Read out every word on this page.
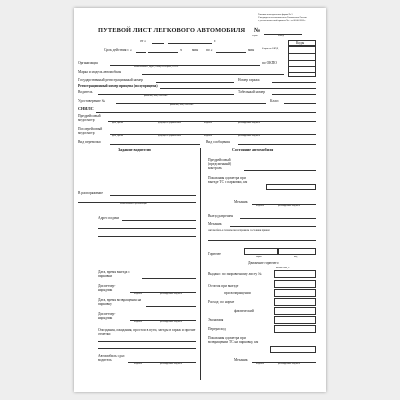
Типовая межотраслевая форма № 3
Утверждена постановлением Госкомстата России
с учетом изменений приказа №... от 00.00.2020 г.
ПУТЕВОЙ ЛИСТ ЛЕГКОВОГО АВТОМОБИЛЯ №
серия	номер
от «	г.	Коды
Форма по ОКУД
Срок действия с «	ч	мин по «	мин
Организация
наименование, адрес, номер телефона, ОГРН
по ОКПО
Марка и модель автомобиля
Государственный регистрационный номер	Номер гаража
Регистрационный номер прицепа (полуприцепа)
Водитель	Табельный номер
фамилия, имя, отчество
Удостоверение №	Класс
фамилия, имя, отчество
СНИЛС
Предрейсовый медосмотр
дата, время	допущен к управлению	подпись	расшифровка подписи
Послерейсовый медосмотр
дата, время	допущен к управлению	подпись	расшифровка подписи
Вид перевозки	Вид сообщения
Задание водителю
В распоряжение
наименование организации
Адрес подачи
Дата, время выезда с парковки
Диспетчер-нарядчик
подпись	расшифровка подписи
Дата, время возвращения на парковку
Диспетчер-нарядчик
подпись	расшифровка подписи
Опоздания, ожидания, простои в пути, заезды в гараж и прочие отметки
Автомобиль сдал водитель
подпись	расшифровка подписи
Состояние автомобиля
Предрейсовый (предсменный) контроль
Показания одометра при выезде ТС с парковки, км
Механик
подпись	расшифровка подписи
Выезд разрешен
Механик
Автомобиль в технически исправном состоянии принял
Горючее
марка	код
Движение горючего
количество, л
Выдано: по заправочному листу №
Остаток при выезде
при возвращении
Расход: по норме
фактический
Экономия
Перерасход
Показания одометра при возвращении ТС на парковку, км
Механик
подпись	расшифровка подписи
